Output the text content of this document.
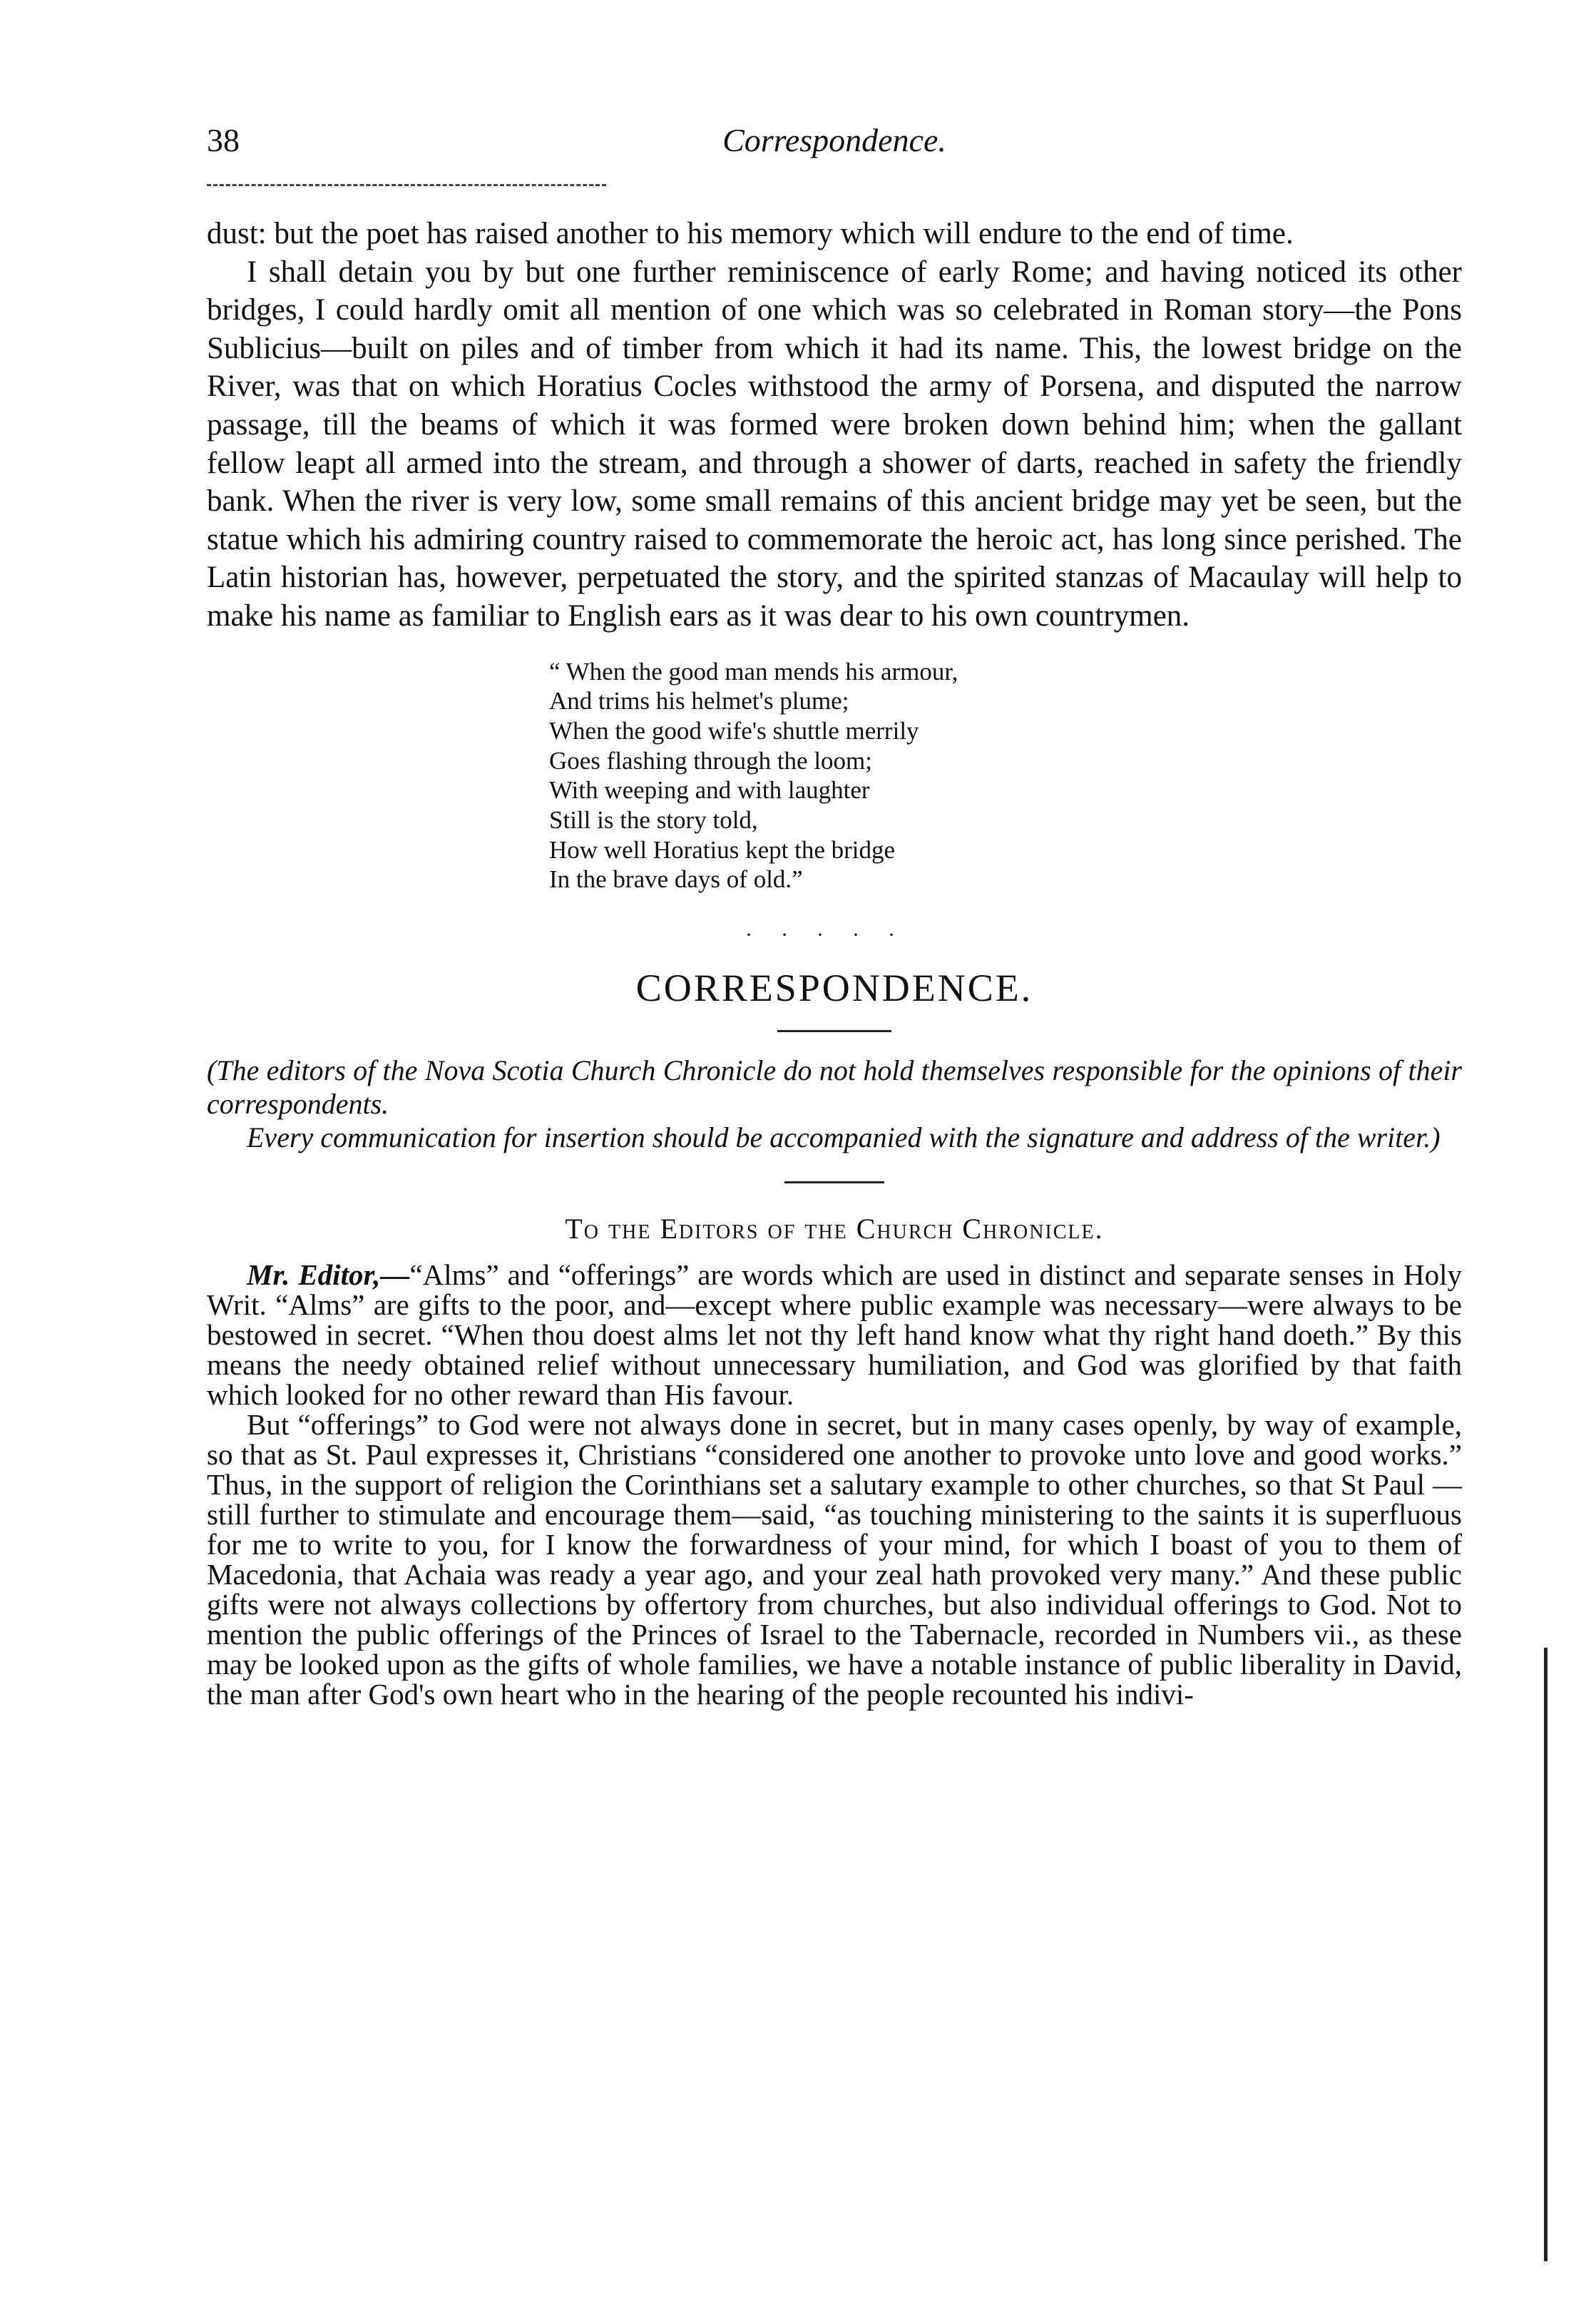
38	Correspondence.

dust: but the poet has raised another to his memory which will endure to the end of time.

I shall detain you by but one further reminiscence of early Rome; and having noticed its other bridges, I could hardly omit all mention of one which was so celebrated in Roman story—the Pons Sublicius—built on piles and of timber from which it had its name. This, the lowest bridge on the River, was that on which Horatius Cocles withstood the army of Porsena, and disputed the narrow passage, till the beams of which it was formed were broken down behind him; when the gallant fellow leapt all armed into the stream, and through a shower of darts, reached in safety the friendly bank. When the river is very low, some small remains of this ancient bridge may yet be seen, but the statue which his admiring country raised to commemorate the heroic act, has long since perished. The Latin historian has, however, perpetuated the story, and the spirited stanzas of Macaulay will help to make his name as familiar to English ears as it was dear to his own countrymen.

“ When the good man mends his armour,
And trims his helmet's plume;
When the good wife's shuttle merrily
Goes flashing through the loom;
With weeping and with laughter
Still is the story told,
How well Horatius kept the bridge
In the brave days of old.”
·····
CORRESPONDENCE.

(The editors of the Nova Scotia Church Chronicle do not hold themselves responsible for the opinions of their correspondents.

Every communication for insertion should be accompanied with the signature and address of the writer.)

To the Editors of the Church Chronicle.

Mr. Editor,—“Alms” and “offerings” are words which are used in distinct and separate senses in Holy Writ. “Alms” are gifts to the poor, and—except where public example was necessary—were always to be bestowed in secret. “When thou doest alms let not thy left hand know what thy right hand doeth.” By this means the needy obtained relief without unnecessary humiliation, and God was glorified by that faith which looked for no other reward than His favour.

But “offerings” to God were not always done in secret, but in many cases openly, by way of example, so that as St. Paul expresses it, Christians “considered one another to provoke unto love and good works.” Thus, in the support of religion the Corinthians set a salutary example to other churches, so that St Paul —still further to stimulate and encourage them—said, “as touching ministering to the saints it is superfluous for me to write to you, for I know the forwardness of your mind, for which I boast of you to them of Macedonia, that Achaia was ready a year ago, and your zeal hath provoked very many.” And these public gifts were not always collections by offertory from churches, but also individual offerings to God. Not to mention the public offerings of the Princes of Israel to the Tabernacle, recorded in Numbers vii., as these may be looked upon as the gifts of whole families, we have a notable instance of public liberality in David, the man after God's own heart who in the hearing of the people recounted his indivi-
